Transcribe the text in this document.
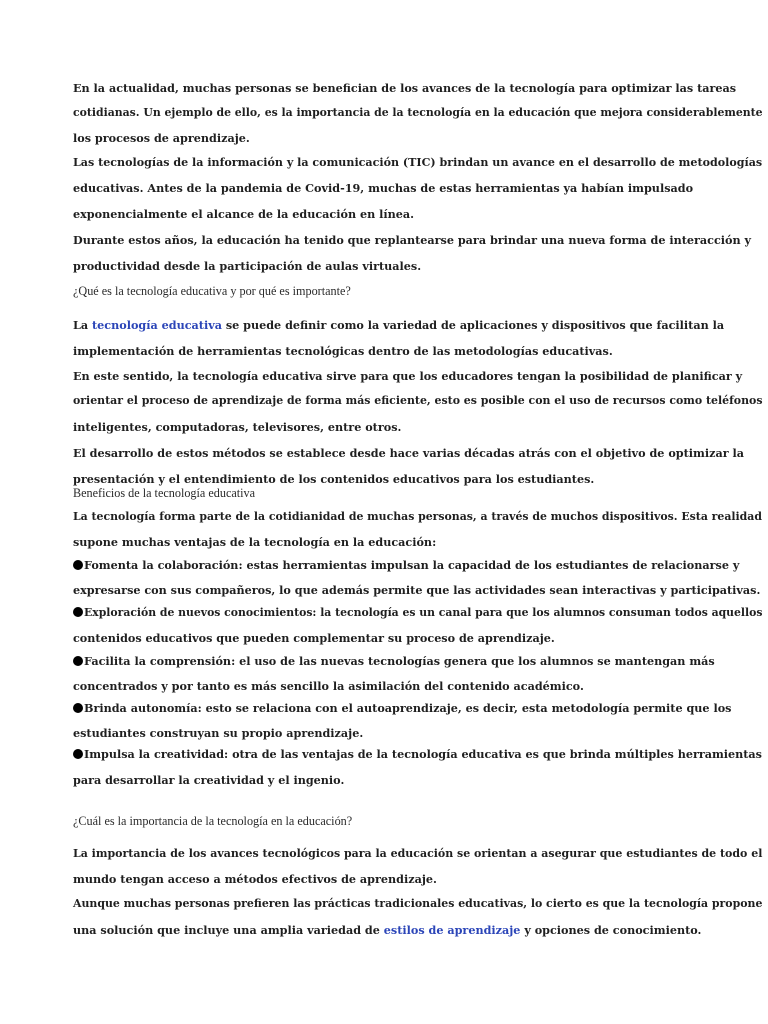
En la actualidad, muchas personas se benefician de los avances de la tecnología para optimizar las tareas
cotidianas. Un ejemplo de ello, es la importancia de la tecnología en la educación que mejora considerablemente
los procesos de aprendizaje.
Las tecnologías de la información y la comunicación (TIC) brindan un avance en el desarrollo de metodologías
educativas. Antes de la pandemia de Covid-19, muchas de estas herramientas ya habían impulsado
exponencialmente el alcance de la educación en línea.
Durante estos años, la educación ha tenido que replantearse para brindar una nueva forma de interacción y
productividad desde la participación de aulas virtuales.
¿Qué es la tecnología educativa y por qué es importante?
La tecnología educativa se puede definir como la variedad de aplicaciones y dispositivos que facilitan la
implementación de herramientas tecnológicas dentro de las metodologías educativas.
En este sentido, la tecnología educativa sirve para que los educadores tengan la posibilidad de planificar y
orientar el proceso de aprendizaje de forma más eficiente, esto es posible con el uso de recursos como teléfonos
inteligentes, computadoras, televisores, entre otros.
El desarrollo de estos métodos se establece desde hace varias décadas atrás con el objetivo de optimizar la
presentación y el entendimiento de los contenidos educativos para los estudiantes.
Beneficios de la tecnología educativa
La tecnología forma parte de la cotidianidad de muchas personas, a través de muchos dispositivos. Esta realidad
supone muchas ventajas de la tecnología en la educación:
Fomenta la colaboración: estas herramientas impulsan la capacidad de los estudiantes de relacionarse y
expresarse con sus compañeros, lo que además permite que las actividades sean interactivas y participativas.
Exploración de nuevos conocimientos: la tecnología es un canal para que los alumnos consuman todos aquellos
contenidos educativos que pueden complementar su proceso de aprendizaje.
Facilita la comprensión: el uso de las nuevas tecnologías genera que los alumnos se mantengan más
concentrados y por tanto es más sencillo la asimilación del contenido académico.
Brinda autonomía: esto se relaciona con el autoaprendizaje, es decir, esta metodología permite que los
estudiantes construyan su propio aprendizaje.
Impulsa la creatividad: otra de las ventajas de la tecnología educativa es que brinda múltiples herramientas
para desarrollar la creatividad y el ingenio.
¿Cuál es la importancia de la tecnología en la educación?
La importancia de los avances tecnológicos para la educación se orientan a asegurar que estudiantes de todo el
mundo tengan acceso a métodos efectivos de aprendizaje.
Aunque muchas personas prefieren las prácticas tradicionales educativas, lo cierto es que la tecnología propone
una solución que incluye una amplia variedad de estilos de aprendizaje y opciones de conocimiento.
